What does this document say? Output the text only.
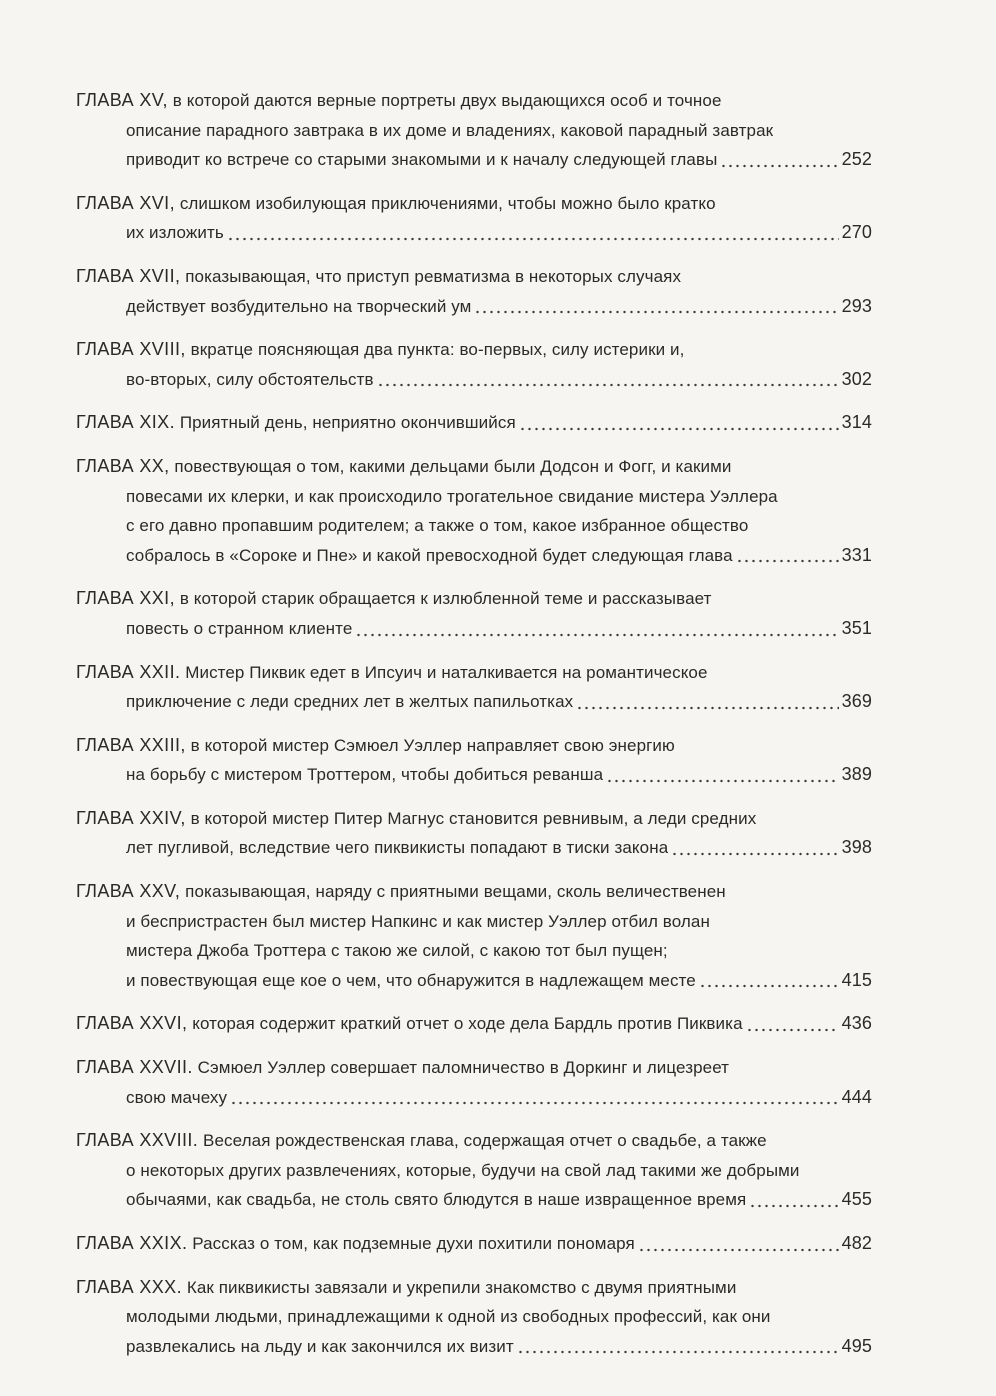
ГЛАВА XV, в которой даются верные портреты двух выдающихся особ и точное
описание парадного завтрака в их доме и владениях, каковой парадный завтрак
приводит ко встрече со старыми знакомыми и к началу следующей главы	252
ГЛАВА XVI, слишком изобилующая приключениями, чтобы можно было кратко
их изложить	270
ГЛАВА XVII, показывающая, что приступ ревматизма в некоторых случаях
действует возбудительно на творческий ум	293
ГЛАВА XVIII, вкратце поясняющая два пункта: во-первых, силу истерики и,
во-вторых, силу обстоятельств	302
ГЛАВА XIX. Приятный день, неприятно окончившийся	314
ГЛАВА XX, повествующая о том, какими дельцами были Додсон и Фогг, и какими
повесами их клерки, и как происходило трогательное свидание мистера Уэллера
с его давно пропавшим родителем; а также о том, какое избранное общество
собралось в «Сороке и Пне» и какой превосходной будет следующая глава	331
ГЛАВА XXI, в которой старик обращается к излюбленной теме и рассказывает
повесть о странном клиенте	351
ГЛАВА XXII. Мистер Пиквик едет в Ипсуич и наталкивается на романтическое
приключение с леди средних лет в желтых папильотках	369
ГЛАВА XXIII, в которой мистер Сэмюел Уэллер направляет свою энергию
на борьбу с мистером Троттером, чтобы добиться реванша	389
ГЛАВА XXIV, в которой мистер Питер Магнус становится ревнивым, а леди средних
лет пугливой, вследствие чего пиквикисты попадают в тиски закона	398
ГЛАВА XXV, показывающая, наряду с приятными вещами, сколь величественен
и беспристрастен был мистер Напкинс и как мистер Уэллер отбил волан
мистера Джоба Троттера с такою же силой, с какою тот был пущен;
и повествующая еще кое о чем, что обнаружится в надлежащем месте	415
ГЛАВА XXVI, которая содержит краткий отчет о ходе дела Бардль против Пиквика	436
ГЛАВА XXVII. Сэмюел Уэллер совершает паломничество в Доркинг и лицезреет
свою мачеху	444
ГЛАВА XXVIII. Веселая рождественская глава, содержащая отчет о свадьбе, а также
о некоторых других развлечениях, которые, будучи на свой лад такими же добрыми
обычаями, как свадьба, не столь свято блюдутся в наше извращенное время	455
ГЛАВА XXIX. Рассказ о том, как подземные духи похитили пономаря	482
ГЛАВА XXX. Как пиквикисты завязали и укрепили знакомство с двумя приятными
молодыми людьми, принадлежащими к одной из свободных профессий, как они
развлекались на льду и как закончился их визит	495
